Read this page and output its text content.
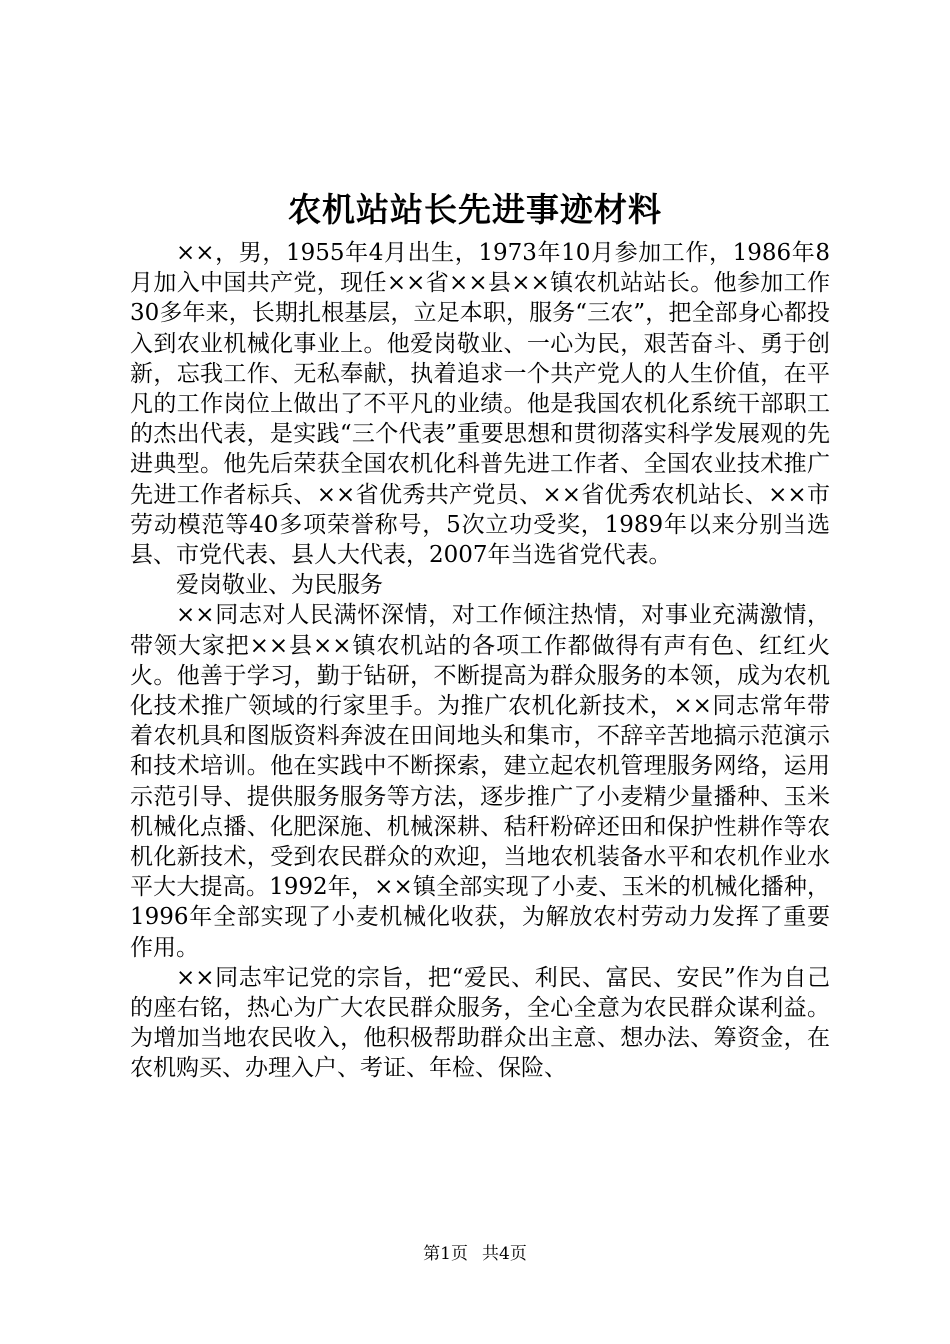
农机站站长先进事迹材料

××，男，1955年4月出生，1973年10月参加工作，1986年8月加入中国共产党，现任××省××县××镇农机站站长。他参加工作30多年来，长期扎根基层，立足本职，服务“三农”，把全部身心都投入到农业机械化事业上。他爱岗敬业、一心为民，艰苦奋斗、勇于创新，忘我工作、无私奉献，执着追求一个共产党人的人生价值，在平凡的工作岗位上做出了不平凡的业绩。他是我国农机化系统干部职工的杰出代表，是实践“三个代表”重要思想和贯彻落实科学发展观的先进典型。他先后荣获全国农机化科普先进工作者、全国农业技术推广先进工作者标兵、××省优秀共产党员、××省优秀农机站长、××市劳动模范等40多项荣誉称号，5次立功受奖，1989年以来分别当选县、市党代表、县人大代表，2007年当选省党代表。

爱岗敬业、为民服务

××同志对人民满怀深情，对工作倾注热情，对事业充满激情，带领大家把××县××镇农机站的各项工作都做得有声有色、红红火火。他善于学习，勤于钻研，不断提高为群众服务的本领，成为农机化技术推广领域的行家里手。为推广农机化新技术，××同志常年带着农机具和图版资料奔波在田间地头和集市，不辞辛苦地搞示范演示和技术培训。他在实践中不断探索，建立起农机管理服务网络，运用示范引导、提供服务服务等方法，逐步推广了小麦精少量播种、玉米机械化点播、化肥深施、机械深耕、秸秆粉碎还田和保护性耕作等农机化新技术，受到农民群众的欢迎，当地农机装备水平和农机作业水平大大提高。1992年，××镇全部实现了小麦、玉米的机械化播种，1996年全部实现了小麦机械化收获，为解放农村劳动力发挥了重要作用。

××同志牢记党的宗旨，把“爱民、利民、富民、安民”作为自己的座右铭，热心为广大农民群众服务，全心全意为农民群众谋利益。为增加当地农民收入，他积极帮助群众出主意、想办法、筹资金，在农机购买、办理入户、考证、年检、保险、

第1页 共4页
